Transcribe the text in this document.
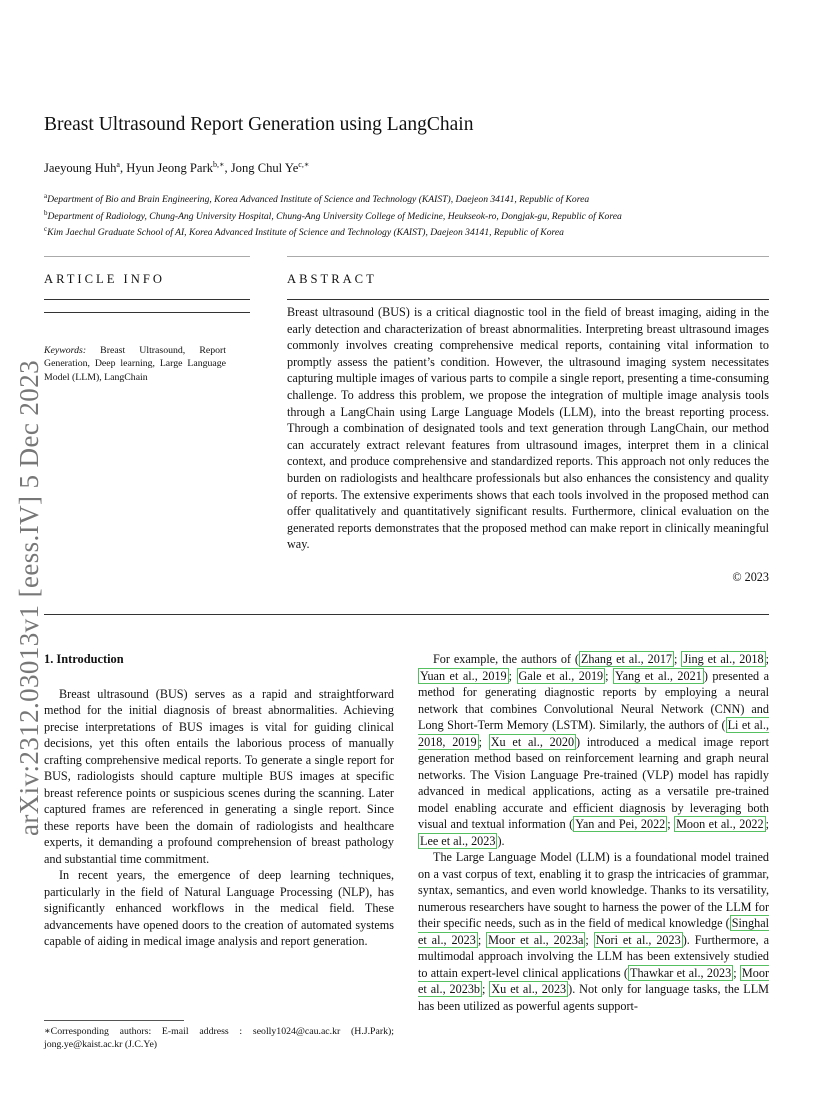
arXiv:2312.03013v1 [eess.IV] 5 Dec 2023
Breast Ultrasound Report Generation using LangChain
Jaeyoung Huh$^a$, Hyun Jeong Park$^{b,∗}$, Jong Chul $Ye^{c,∗}$
$^a$Department of Bio and Brain Engineering, Korea Advanced Institute of Science and Technology (KAIST), Daejeon 34141, Republic of Korea
$^b$Department of Radiology, Chung-Ang University Hospital, Chung-Ang University College of Medicine, Heukseok-ro, Dongjak-gu, Republic of Korea
$^c$Kim Jaechul Graduate School of AI, Korea Advanced Institute of Science and Technology (KAIST), Daejeon 34141, Republic of Korea
ARTICLE INFO	ABSTRACT
Keywords: Breast Ultrasound, Report Generation, Deep learning, Large Language Model (LLM), LangChain
Breast ultrasound (BUS) is a critical diagnostic tool in the field of breast imaging, aiding in the early detection and characterization of breast abnormalities. Interpreting breast ultrasound images commonly involves creating comprehensive medical reports, containing vital information to promptly assess the patient’s condition. However, the ultrasound imaging system necessitates capturing multiple images of various parts to compile a single report, presenting a time-consuming challenge. To address this problem, we propose the integration of multiple image analysis tools through a LangChain using Large Language Models (LLM), into the breast reporting process. Through a combination of designated tools and text generation through LangChain, our method can accurately extract relevant features from ultrasound images, interpret them in a clinical context, and produce comprehensive and standardized reports. This approach not only reduces the burden on radiologists and healthcare professionals but also enhances the consistency and quality of reports. The extensive experiments shows that each tools involved in the proposed method can offer qualitatively and quantitatively significant results. Furthermore, clinical evaluation on the generated reports demonstrates that the proposed method can make report in clinically meaningful way.
© 2023

1. Introduction

Breast ultrasound (BUS) serves as a rapid and straightforward method for the initial diagnosis of breast abnormalities. Achieving precise interpretations of BUS images is vital for guiding clinical decisions, yet this often entails the laborious process of manually crafting comprehensive medical reports. To generate a single report for BUS, radiologists should capture multiple BUS images at specific breast reference points or suspicious scenes during the scanning. Later captured frames are referenced in generating a single report. Since these reports have been the domain of radiologists and healthcare experts, it demanding a profound comprehension of breast pathology and substantial time commitment.

In recent years, the emergence of deep learning techniques, particularly in the field of Natural Language Processing (NLP), has significantly enhanced workflows in the medical field. These advancements have opened doors to the creation of automated systems capable of aiding in medical image analysis and report generation.

For example, the authors of ( Zhang et al., 2017 ; Jing et al., 2018 ; Yuan et al., 2019 ; Gale et al., 2019 ; Yang et al., 2021 ) presented a method for generating diagnostic reports by employing a neural network that combines Convolutional Neural Network (CNN) and Long Short-Term Memory (LSTM). Similarly, the authors of ( Li et al., 2018, 2019 ; Xu et al., 2020 ) introduced a medical image report generation method based on reinforcement learning and graph neural networks. The Vision Language Pre-trained (VLP) model has rapidly advanced in medical applications, acting as a versatile pre-trained model enabling accurate and efficient diagnosis by leveraging both visual and textual information ( Yan and Pei, 2022 ; Moon et al., 2022 ; Lee et al., 2023 ).

The Large Language Model (LLM) is a foundational model trained on a vast corpus of text, enabling it to grasp the intricacies of grammar, syntax, semantics, and even world knowledge. Thanks to its versatility, numerous researchers have sought to harness the power of the LLM for their specific needs, such as in the field of medical knowledge ( Singhal et al., 2023 ; Moor et al., 2023a ; Nori et al., 2023 ). Furthermore, a multimodal approach involving the LLM has been extensively studied to attain expert-level clinical applications ( Thawkar et al., 2023 ; Moor et al., 2023b ; Xu et al., 2023 ). Not only for language tasks, the LLM has been utilized as powerful agents support-

∗Corresponding authors: E-mail address : seolly1024@cau.ac.kr (H.J.Park); jong.ye@kaist.ac.kr (J.C.Ye)
